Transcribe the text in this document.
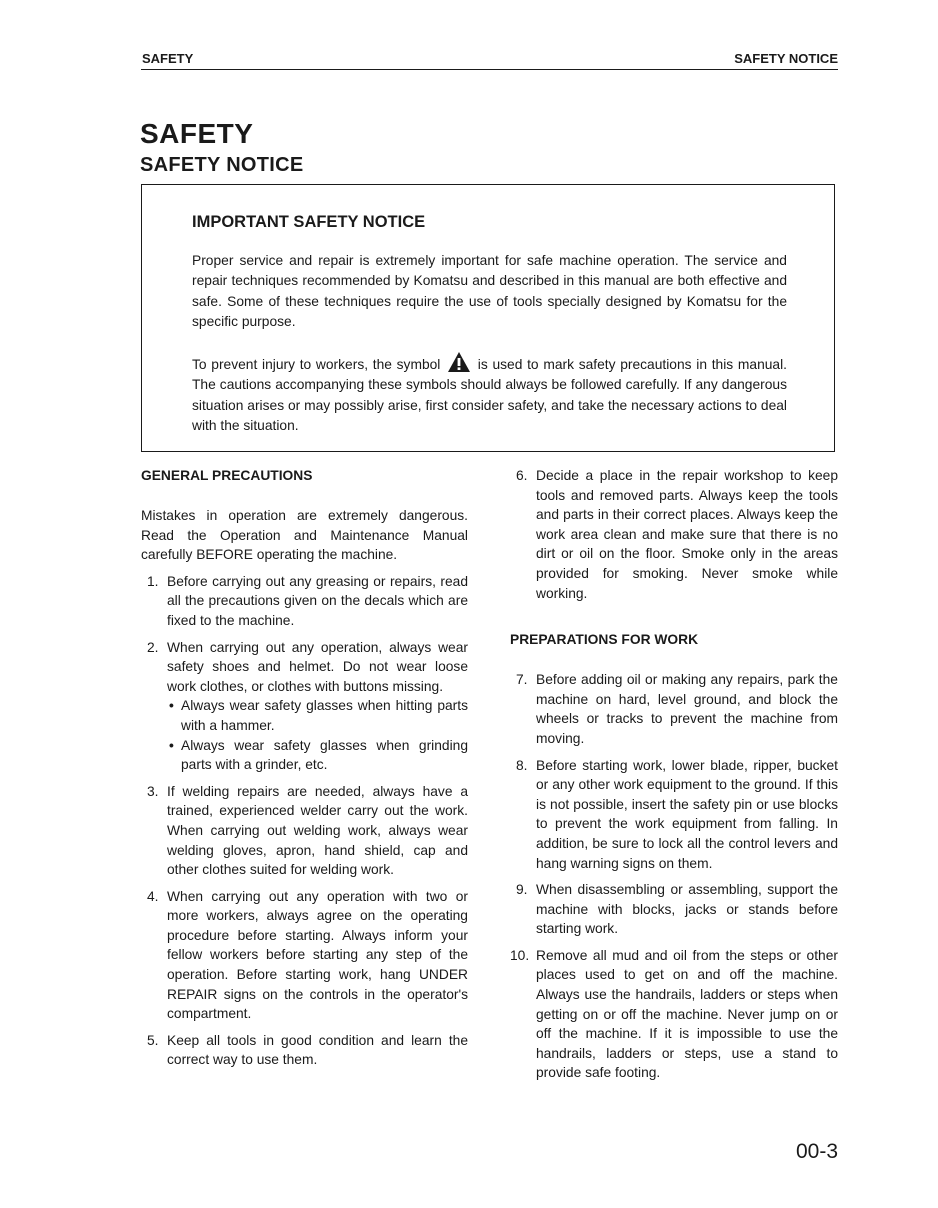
SAFETY	SAFETY NOTICE
SAFETY
SAFETY NOTICE
IMPORTANT SAFETY NOTICE

Proper service and repair is extremely important for safe machine operation. The service and repair techniques recommended by Komatsu and described in this manual are both effective and safe. Some of these techniques require the use of tools specially designed by Komatsu for the specific purpose.

To prevent injury to workers, the symbol  is used to mark safety precautions in this manual. The cautions accompanying these symbols should always be followed carefully. If any dangerous situation arises or may possibly arise, first consider safety, and take the necessary actions to deal with the situation.

GENERAL PRECAUTIONS

Mistakes in operation are extremely dangerous. Read the Operation and Maintenance Manual carefully BEFORE operating the machine.

1. Before carrying out any greasing or repairs, read all the precautions given on the decals which are fixed to the machine.
2. When carrying out any operation, always wear safety shoes and helmet. Do not wear loose work clothes, or clothes with buttons missing.
• Always wear safety glasses when hitting parts with a hammer.
• Always wear safety glasses when grinding parts with a grinder, etc.
3. If welding repairs are needed, always have a trained, experienced welder carry out the work. When carrying out welding work, always wear welding gloves, apron, hand shield, cap and other clothes suited for welding work.
4. When carrying out any operation with two or more workers, always agree on the operating procedure before starting. Always inform your fellow workers before starting any step of the operation. Before starting work, hang UNDER REPAIR signs on the controls in the operator's compartment.
5. Keep all tools in good condition and learn the correct way to use them.
6. Decide a place in the repair workshop to keep tools and removed parts. Always keep the tools and parts in their correct places. Always keep the work area clean and make sure that there is no dirt or oil on the floor. Smoke only in the areas provided for smoking. Never smoke while working.

PREPARATIONS FOR WORK

7. Before adding oil or making any repairs, park the machine on hard, level ground, and block the wheels or tracks to prevent the machine from moving.
8. Before starting work, lower blade, ripper, bucket or any other work equipment to the ground. If this is not possible, insert the safety pin or use blocks to prevent the work equipment from falling. In addition, be sure to lock all the control levers and hang warning signs on them.
9. When disassembling or assembling, support the machine with blocks, jacks or stands before starting work.
10. Remove all mud and oil from the steps or other places used to get on and off the machine. Always use the handrails, ladders or steps when getting on or off the machine. Never jump on or off the machine. If it is impossible to use the handrails, ladders or steps, use a stand to provide safe footing.
00-3
